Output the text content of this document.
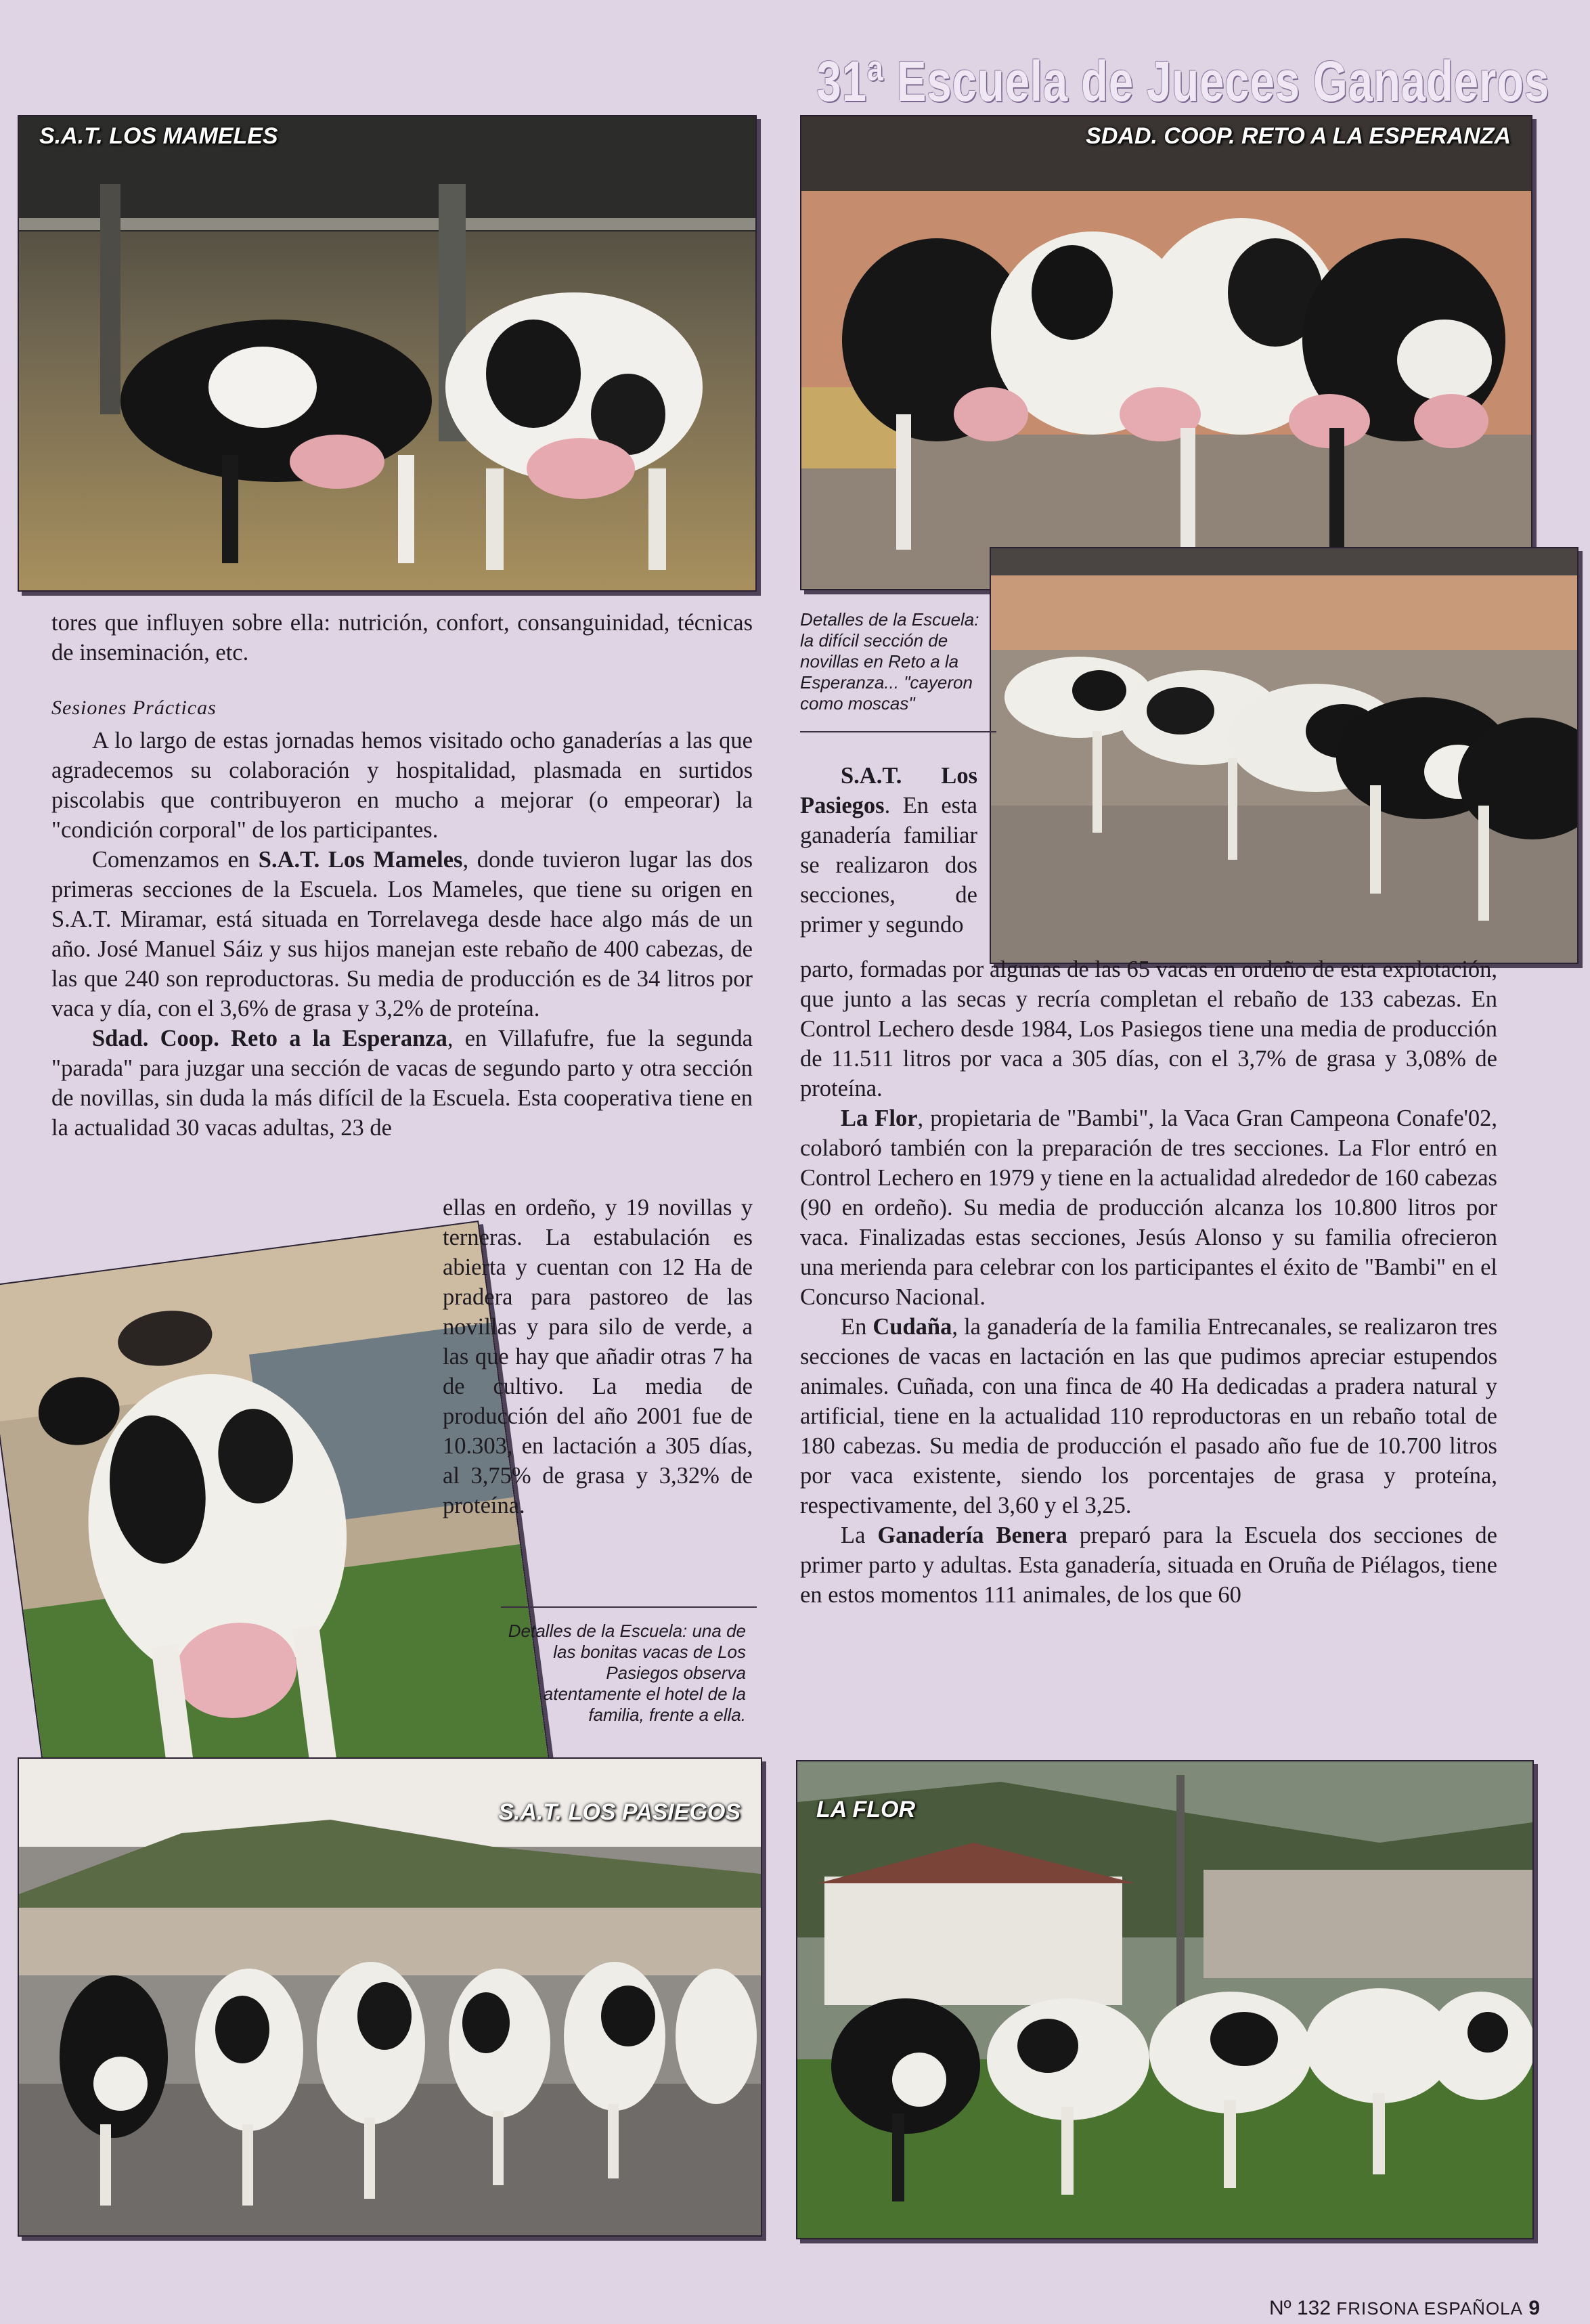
31ª Escuela de Jueces Ganaderos
S.A.T. LOS MAMELES	SDAD. COOP. RETO A LA ESPERANZA
S.A.T. LOS PASIEGOS	LA FLOR
Detalles de la Escuela: la difícil sección de novillas en Reto a la Esperanza... "cayeron como moscas"
Detalles de la Escuela: una de las bonitas vacas de Los Pasiegos observa atentamente el hotel de la familia, frente a ella.

tores que influyen sobre ella: nutrición, confort, consanguinidad, técnicas de inseminación, etc.

Sesiones Prácticas

A lo largo de estas jornadas hemos visitado ocho ganaderías a las que agradecemos su colaboración y hospitalidad, plasmada en surtidos piscolabis que contribuyeron en mucho a mejorar (o empeorar) la "condición corporal" de los participantes.

Comenzamos en S.A.T. Los Mameles, donde tuvieron lugar las dos primeras secciones de la Escuela. Los Mameles, que tiene su origen en S.A.T. Miramar, está situada en Torrelavega desde hace algo más de un año. José Manuel Sáiz y sus hijos manejan este rebaño de 400 cabezas, de las que 240 son reproductoras. Su media de producción es de 34 litros por vaca y día, con el 3,6% de grasa y 3,2% de proteína.

Sdad. Coop. Reto a la Esperanza, en Villafufre, fue la segunda "parada" para juzgar una sección de vacas de segundo parto y otra sección de novillas, sin duda la más difícil de la Escuela. Esta cooperativa tiene en la actualidad 30 vacas adultas, 23 de

ellas en ordeño, y 19 novillas y terneras. La estabulación es abierta y cuentan con 12 Ha de pradera para pastoreo de las novillas y para silo de verde, a las que hay que añadir otras 7 ha de cultivo. La media de producción del año 2001 fue de 10.303, en lactación a 305 días, al 3,75% de grasa y 3,32% de proteína.

S.A.T. Los Pasiegos. En esta ganadería familiar se realizaron dos secciones, de primer y segundo

parto, formadas por algunas de las 65 vacas en ordeño de esta explotación, que junto a las secas y recría completan el rebaño de 133 cabezas. En Control Lechero desde 1984, Los Pasiegos tiene una media de producción de 11.511 litros por vaca a 305 días, con el 3,7% de grasa y 3,08% de proteína.

La Flor, propietaria de "Bambi", la Vaca Gran Campeona Conafe'02, colaboró también con la preparación de tres secciones. La Flor entró en Control Lechero en 1979 y tiene en la actualidad alrededor de 160 cabezas (90 en ordeño). Su media de producción alcanza los 10.800 litros por vaca. Finalizadas estas secciones, Jesús Alonso y su familia ofrecieron una merienda para celebrar con los participantes el éxito de "Bambi" en el Concurso Nacional.

En Cudaña, la ganadería de la familia Entrecanales, se realizaron tres secciones de vacas en lactación en las que pudimos apreciar estupendos animales. Cuñada, con una finca de 40 Ha dedicadas a pradera natural y artificial, tiene en la actualidad 110 reproductoras en un rebaño total de 180 cabezas. Su media de producción el pasado año fue de 10.700 litros por vaca existente, siendo los porcentajes de grasa y proteína, respectivamente, del 3,60 y el 3,25.

La Ganadería Benera preparó para la Escuela dos secciones de primer parto y adultas. Esta ganadería, situada en Oruña de Piélagos, tiene en estos momentos 111 animales, de los que 60

Nº 132 FRISONA ESPAÑOLA 9
